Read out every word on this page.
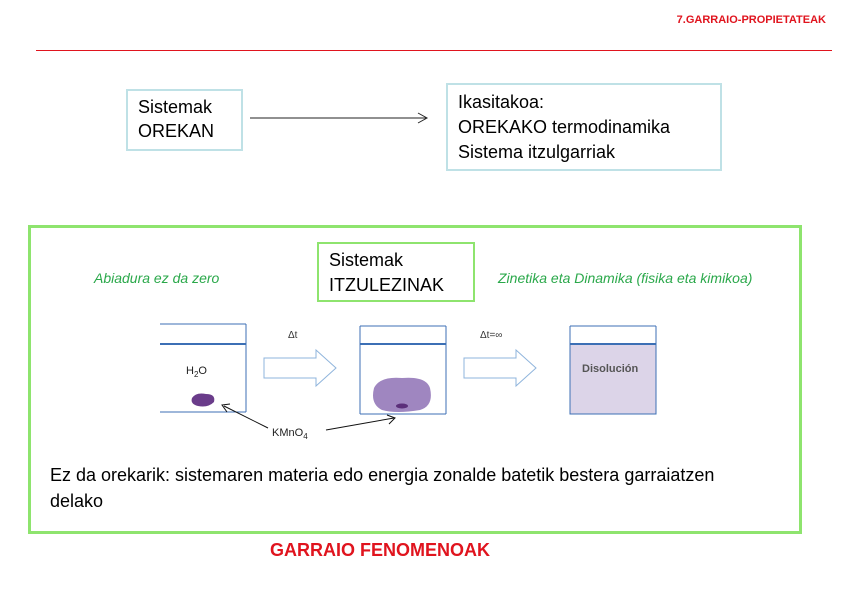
7.GARRAIO-PROPIETATEAK
Sistemak
OREKAN
Ikasitakoa:
OREKAKO termodinamika
Sistema itzulgarriak
Sistemak
ITZULEZINAK
Abiadura ez da zero	Zinetika eta Dinamika (fisika eta kimikoa)
$H_2O$
Δt	Δt=∞
Disolución
KMnO$_4$
Ez da orekarik: sistemaren materia edo energia zonalde batetik bestera garraiatzen delako
GARRAIO FENOMENOAK
